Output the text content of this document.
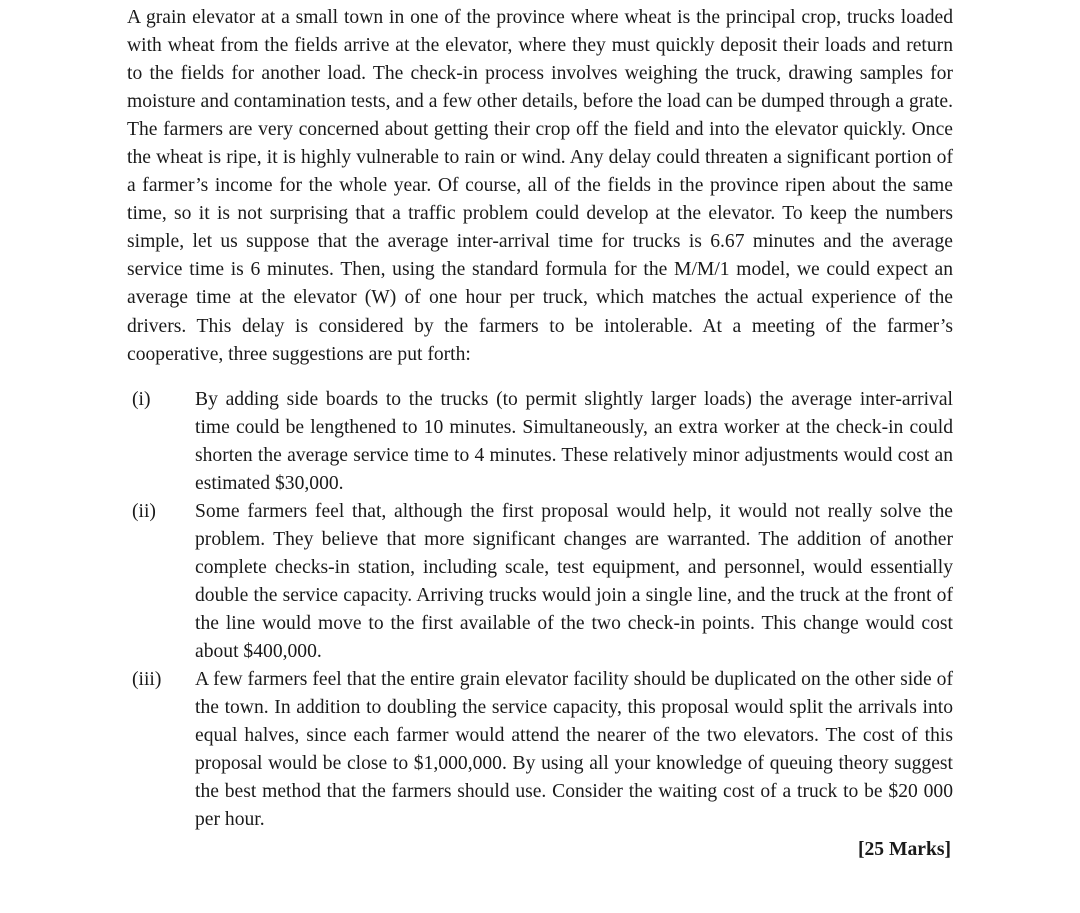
A grain elevator at a small town in one of the province where wheat is the principal crop, trucks loaded with wheat from the fields arrive at the elevator, where they must quickly deposit their loads and return to the fields for another load. The check-in process involves weighing the truck, drawing samples for moisture and contamination tests, and a few other details, before the load can be dumped through a grate. The farmers are very concerned about getting their crop off the field and into the elevator quickly. Once the wheat is ripe, it is highly vulnerable to rain or wind. Any delay could threaten a significant portion of a farmer’s income for the whole year. Of course, all of the fields in the province ripen about the same time, so it is not surprising that a traffic problem could develop at the elevator. To keep the numbers simple, let us suppose that the average inter-arrival time for trucks is 6.67 minutes and the average service time is 6 minutes. Then, using the standard formula for the M/M/1 model, we could expect an average time at the elevator (W) of one hour per truck, which matches the actual experience of the drivers. This delay is considered by the farmers to be intolerable. At a meeting of the farmer’s cooperative, three suggestions are put forth:

(i)	By adding side boards to the trucks (to permit slightly larger loads) the average inter-arrival time could be lengthened to 10 minutes. Simultaneously, an extra worker at the check-in could shorten the average service time to 4 minutes. These relatively minor adjustments would cost an estimated $30,000.

(ii)	Some farmers feel that, although the first proposal would help, it would not really solve the problem. They believe that more significant changes are warranted. The addition of another complete checks-in station, including scale, test equipment, and personnel, would essentially double the service capacity. Arriving trucks would join a single line, and the truck at the front of the line would move to the first available of the two check-in points. This change would cost about $400,000.

(iii)	A few farmers feel that the entire grain elevator facility should be duplicated on the other side of the town. In addition to doubling the service capacity, this proposal would split the arrivals into equal halves, since each farmer would attend the nearer of the two elevators. The cost of this proposal would be close to $1,000,000. By using all your knowledge of queuing theory suggest the best method that the farmers should use. Consider the waiting cost of a truck to be $20 000 per hour.

[25 Marks]
